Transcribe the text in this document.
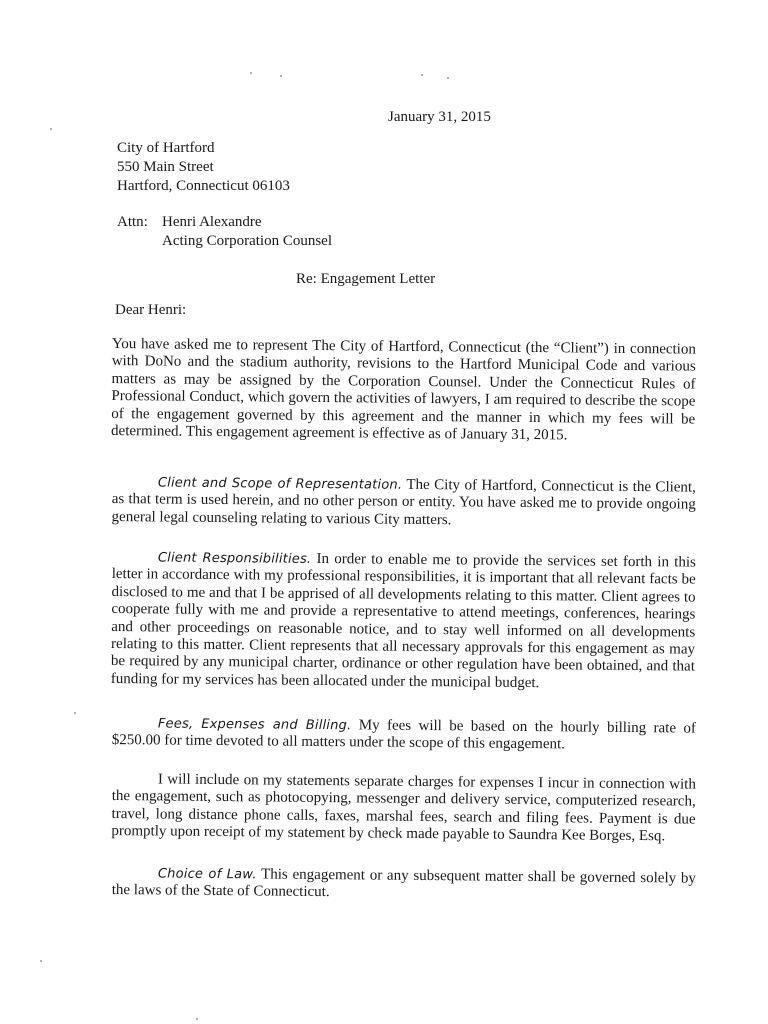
January 31, 2015
City of Hartford
550 Main Street
Hartford, Connecticut 06103
Attn: Henri Alexandre
Acting Corporation Counsel
Re: Engagement Letter
Dear Henri:

You have asked me to represent The City of Hartford, Connecticut (the “Client”) in connection with DoNo and the stadium authority, revisions to the Hartford Municipal Code and various matters as may be assigned by the Corporation Counsel. Under the Connecticut Rules of Professional Conduct, which govern the activities of lawyers, I am required to describe the scope of the engagement governed by this agreement and the manner in which my fees will be determined. This engagement agreement is effective as of January 31, 2015.

Client and Scope of Representation. The City of Hartford, Connecticut is the Client, as that term is used herein, and no other person or entity. You have asked me to provide ongoing general legal counseling relating to various City matters.

Client Responsibilities. In order to enable me to provide the services set forth in this letter in accordance with my professional responsibilities, it is important that all relevant facts be disclosed to me and that I be apprised of all developments relating to this matter. Client agrees to cooperate fully with me and provide a representative to attend meetings, conferences, hearings and other proceedings on reasonable notice, and to stay well informed on all developments relating to this matter. Client represents that all necessary approvals for this engagement as may be required by any municipal charter, ordinance or other regulation have been obtained, and that funding for my services has been allocated under the municipal budget.

Fees, Expenses and Billing. My fees will be based on the hourly billing rate of $250.00 for time devoted to all matters under the scope of this engagement.

I will include on my statements separate charges for expenses I incur in connection with the engagement, such as photocopying, messenger and delivery service, computerized research, travel, long distance phone calls, faxes, marshal fees, search and filing fees. Payment is due promptly upon receipt of my statement by check made payable to Saundra Kee Borges, Esq.

Choice of Law. This engagement or any subsequent matter shall be governed solely by the laws of the State of Connecticut.
